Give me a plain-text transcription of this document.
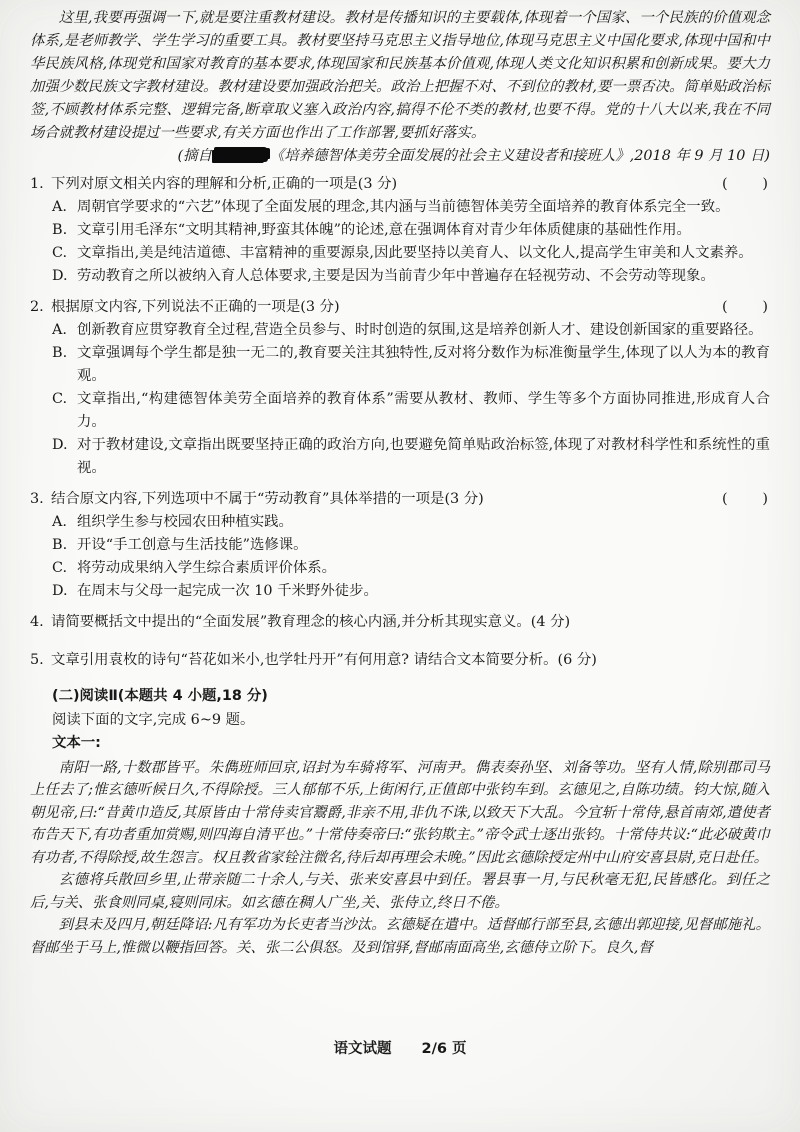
这里,我要再强调一下,就是要注重教材建设。教材是传播知识的主要载体,体现着一个国家、一个民族的价值观念体系,是老师教学、学生学习的重要工具。教材要坚持马克思主义指导地位,体现马克思主义中国化要求,体现中国和中华民族风格,体现党和国家对教育的基本要求,体现国家和民族基本价值观,体现人类文化知识积累和创新成果。要大力加强少数民族文字教材建设。教材建设要加强政治把关。政治上把握不对、不到位的教材,要一票否决。简单贴政治标签,不顾教材体系完整、逻辑完备,断章取义塞入政治内容,搞得不伦不类的教材,也要不得。党的十八大以来,我在不同场合就教材建设提过一些要求,有关方面也作出了工作部署,要抓好落实。

(摘自	《培养德智体美劳全面发展的社会主义建设者和接班人》,2018 年 9 月 10 日)

1. 下列对原文相关内容的理解和分析,正确的一项是(3 分)	(　　)
A. 周朝官学要求的“六艺”体现了全面发展的理念,其内涵与当前德智体美劳全面培养的教育体系完全一致。
B. 文章引用毛泽东“文明其精神,野蛮其体魄”的论述,意在强调体育对青少年体质健康的基础性作用。
C. 文章指出,美是纯洁道德、丰富精神的重要源泉,因此要坚持以美育人、以文化人,提高学生审美和人文素养。
D. 劳动教育之所以被纳入育人总体要求,主要是因为当前青少年中普遍存在轻视劳动、不会劳动等现象。
2. 根据原文内容,下列说法不正确的一项是(3 分)	(　　)
A. 创新教育应贯穿教育全过程,营造全员参与、时时创造的氛围,这是培养创新人才、建设创新国家的重要路径。
B. 文章强调每个学生都是独一无二的,教育要关注其独特性,反对将分数作为标准衡量学生,体现了以人为本的教育观。
C. 文章指出,“构建德智体美劳全面培养的教育体系”需要从教材、教师、学生等多个方面协同推进,形成育人合力。
D. 对于教材建设,文章指出既要坚持正确的政治方向,也要避免简单贴政治标签,体现了对教材科学性和系统性的重视。
3. 结合原文内容,下列选项中不属于“劳动教育”具体举措的一项是(3 分)	(　　)
A. 组织学生参与校园农田种植实践。
B. 开设“手工创意与生活技能”选修课。
C. 将劳动成果纳入学生综合素质评价体系。
D. 在周末与父母一起完成一次 10 千米野外徒步。
4. 请简要概括文中提出的“全面发展”教育理念的核心内涵,并分析其现实意义。(4 分)
5. 文章引用袁枚的诗句“苔花如米小,也学牡丹开”有何用意? 请结合文本简要分析。(6 分)

(二)阅读Ⅱ(本题共 4 小题,18 分)

阅读下面的文字,完成 6~9 题。

文本一:

南阳一路,十数郡皆平。朱儁班师回京,诏封为车骑将军、河南尹。儁表奏孙坚、刘备等功。坚有人情,除别郡司马上任去了;惟玄德听候日久,不得除授。三人郁郁不乐,上街闲行,正值郎中张钧车到。玄德见之,自陈功绩。钧大惊,随入朝见帝,曰:“昔黄巾造反,其原皆由十常侍卖官鬻爵,非亲不用,非仇不诛,以致天下大乱。今宜斩十常侍,悬首南郊,遣使者布告天下,有功者重加赏赐,则四海自清平也。”十常侍奏帝曰:“张钧欺主。”帝令武士逐出张钧。十常侍共议:“此必破黄巾有功者,不得除授,故生怨言。权且教省家铨注微名,待后却再理会未晚。”因此玄德除授定州中山府安喜县尉,克日赴任。

玄德将兵散回乡里,止带亲随二十余人,与关、张来安喜县中到任。署县事一月,与民秋毫无犯,民皆感化。到任之后,与关、张食则同桌,寝则同床。如玄德在稠人广坐,关、张侍立,终日不倦。

到县未及四月,朝廷降诏:凡有军功为长吏者当沙汰。玄德疑在遣中。适督邮行部至县,玄德出郭迎接,见督邮施礼。督邮坐于马上,惟微以鞭指回答。关、张二公俱怒。及到馆驿,督邮南面高坐,玄德侍立阶下。良久,督

语文试题 2/6 页
